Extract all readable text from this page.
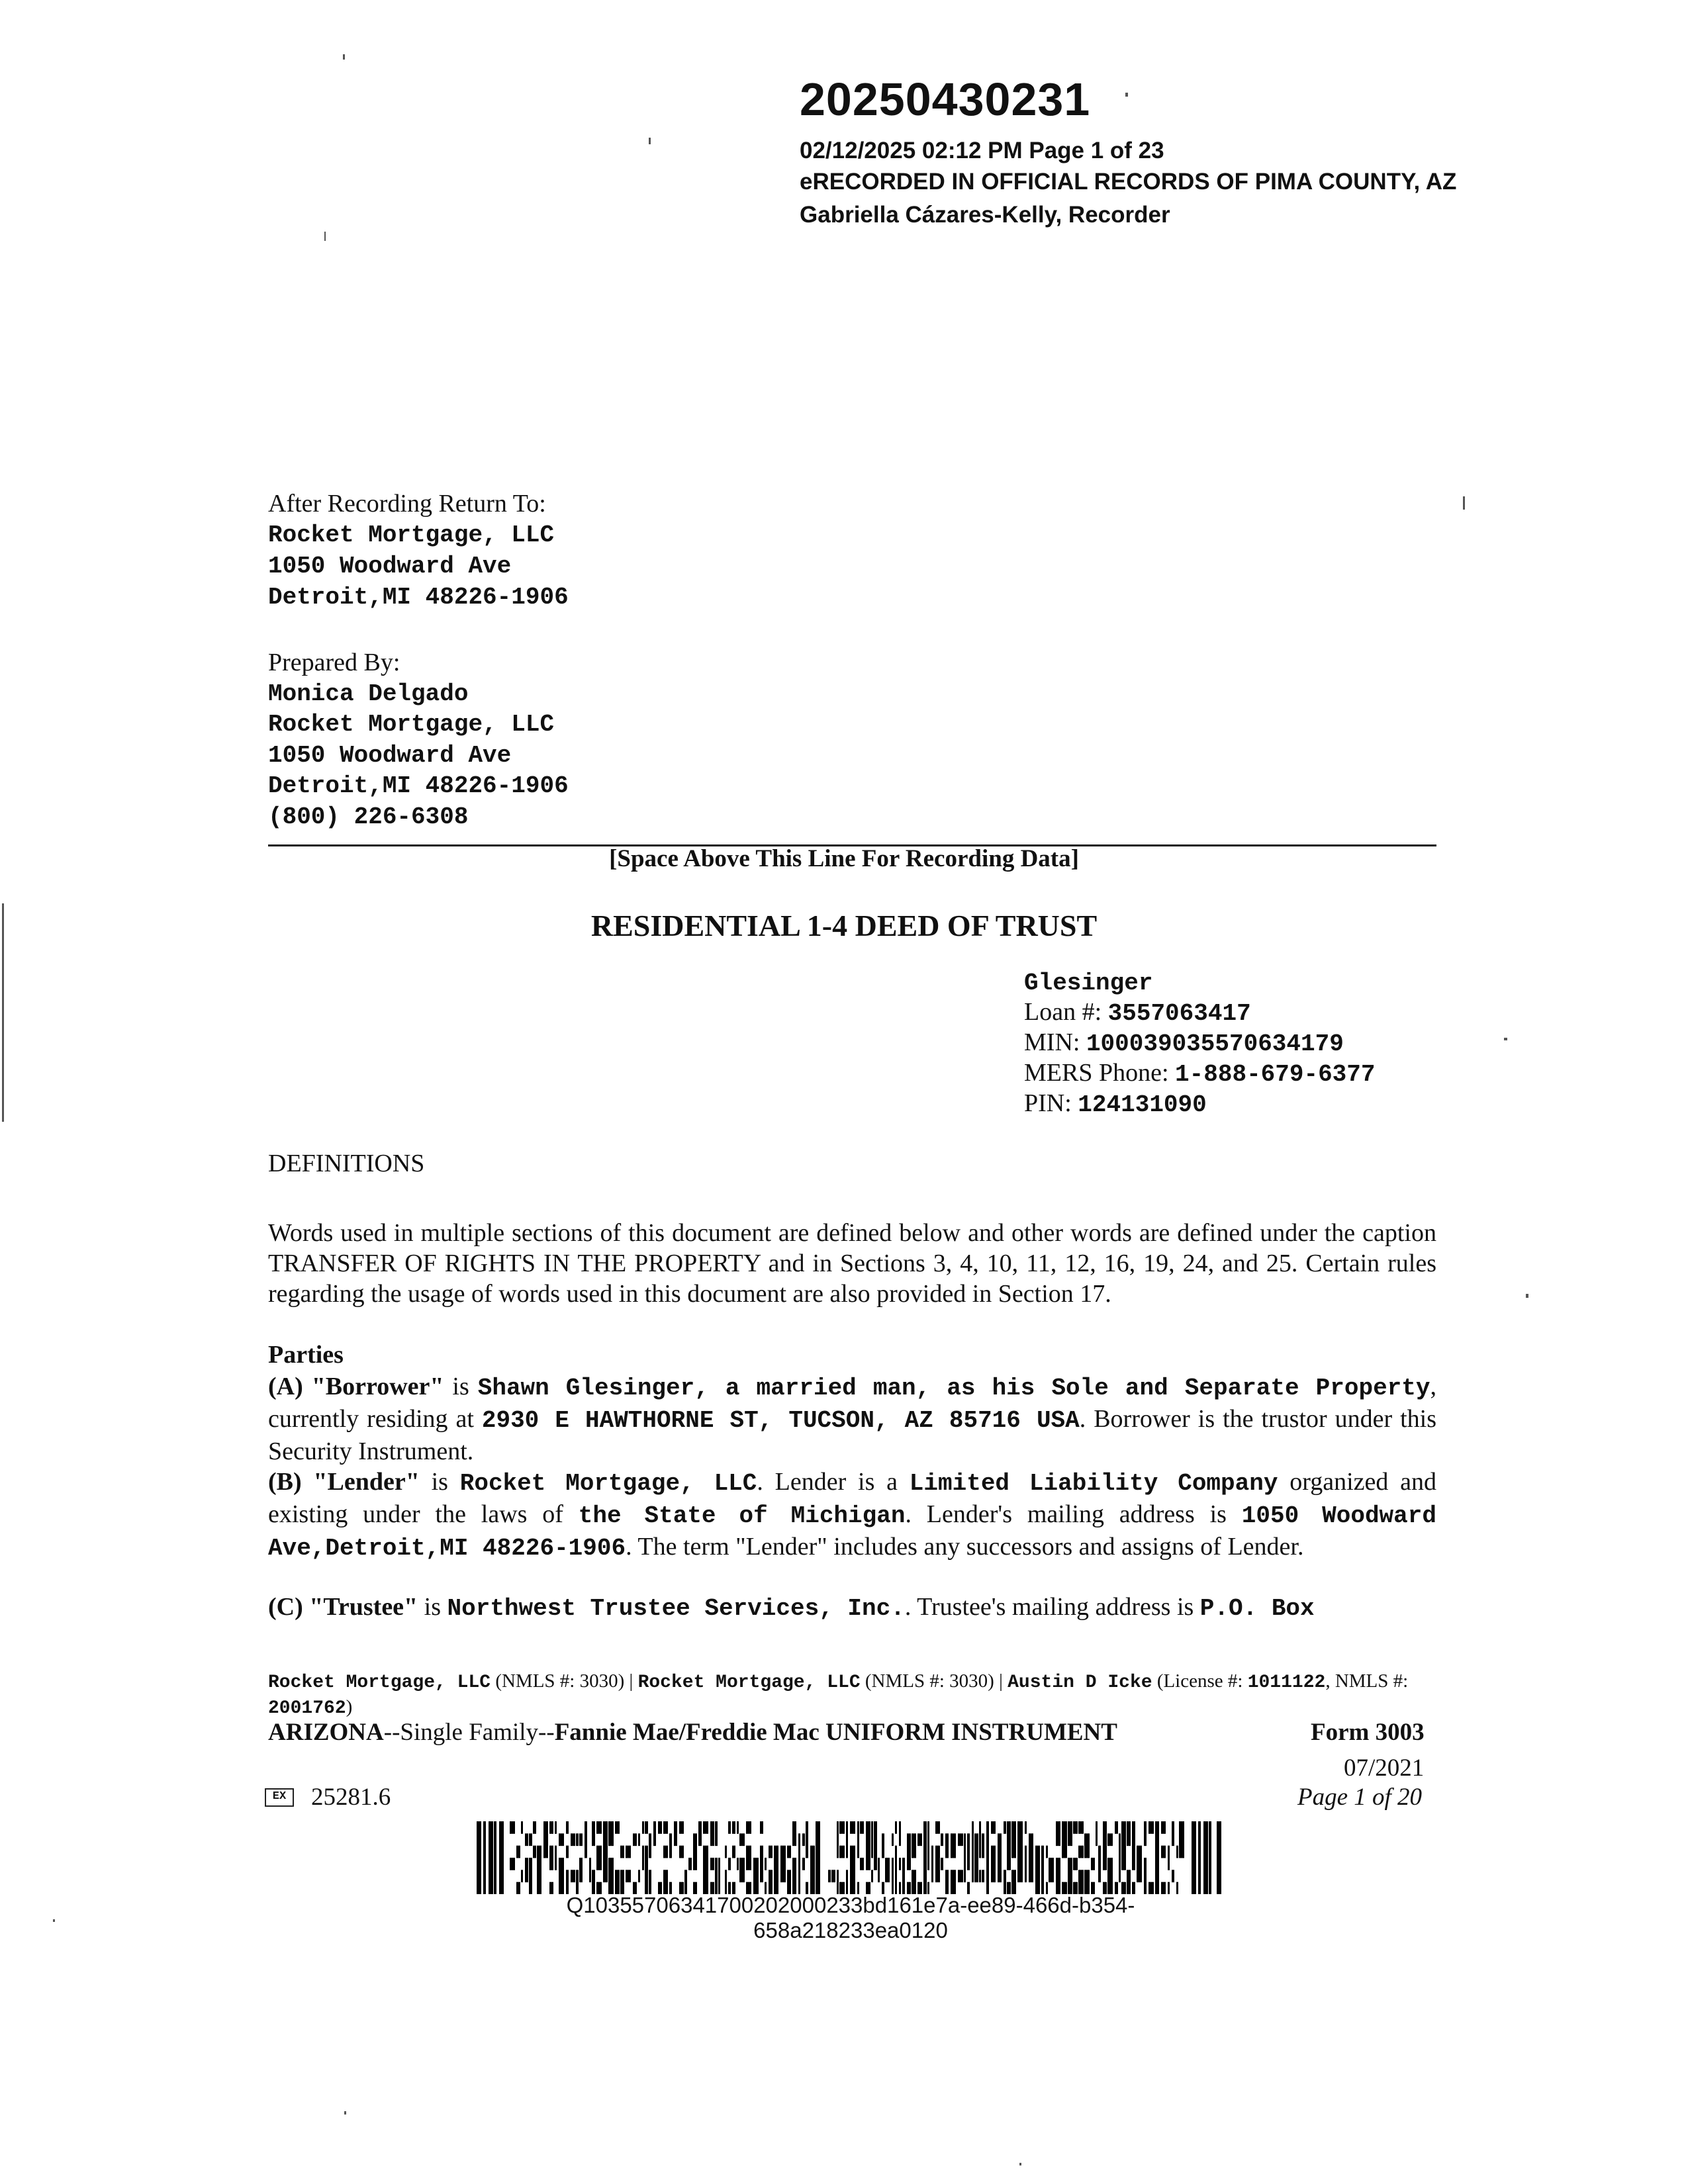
20250430231
02/12/2025 02:12 PM Page 1 of 23
eRECORDED IN OFFICIAL RECORDS OF PIMA COUNTY, AZ
Gabriella Cázares-Kelly, Recorder
After Recording Return To:
Rocket Mortgage, LLC
1050 Woodward Ave
Detroit,MI 48226-1906
Prepared By:
Monica Delgado
Rocket Mortgage, LLC
1050 Woodward Ave
Detroit,MI 48226-1906
(800) 226-6308
[Space Above This Line For Recording Data]
RESIDENTIAL 1-4 DEED OF TRUST
Glesinger
Loan #: 3557063417
MIN: 100039035570634179
MERS Phone: 1-888-679-6377
PIN: 124131090
DEFINITIONS
Words used in multiple sections of this document are defined below and other words are defined under the caption TRANSFER OF RIGHTS IN THE PROPERTY and in Sections 3, 4, 10, 11, 12, 16, 19, 24, and 25. Certain rules regarding the usage of words used in this document are also provided in Section 17.
Parties
(A) "Borrower" is Shawn Glesinger, a married man, as his Sole and Separate Property, currently residing at 2930 E HAWTHORNE ST, TUCSON, AZ 85716 USA. Borrower is the trustor under this Security Instrument.
(B) "Lender" is Rocket Mortgage, LLC. Lender is a Limited Liability Company organized and existing under the laws of the State of Michigan. Lender's mailing address is 1050 Woodward Ave,Detroit,MI 48226-1906. The term "Lender" includes any successors and assigns of Lender.
(C) "Trustee" is Northwest Trustee Services, Inc.. Trustee's mailing address is P.O. Box
Rocket Mortgage, LLC (NMLS #: 3030) | Rocket Mortgage, LLC (NMLS #: 3030) | Austin D Icke (License #: 1011122, NMLS #: 2001762)
ARIZONA--Single Family--Fannie Mae/Freddie Mac UNIFORM INSTRUMENT	Form 3003
07/2021
Page 1 of 20
EX	25281.6
Q10355706341700202000233bd161e7a-ee89-466d-b354-658a218233ea0120
